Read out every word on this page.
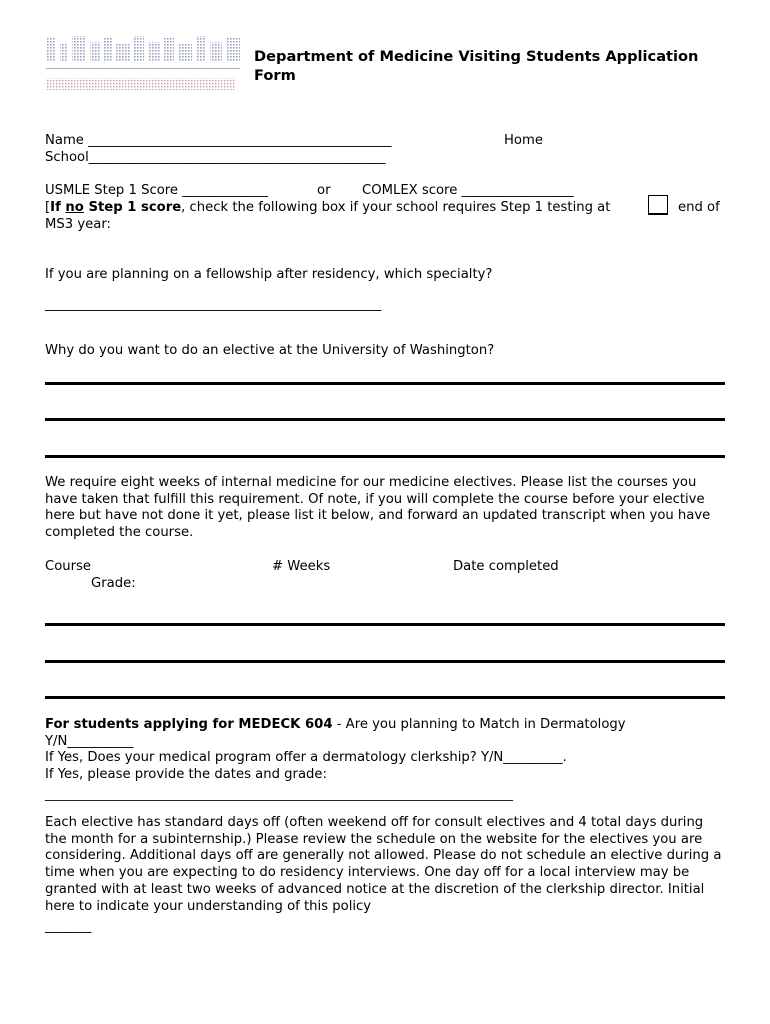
Department of Medicine Visiting Students Application Form
Name ______________________________________________	Home
School_____________________________________________
USMLE Step 1 Score _____________	or COMLEX score _________________
[If no Step 1 score, check the following box if your school requires Step 1 testing at	end of
MS3 year:
If you are planning on a fellowship after residency, which specialty?
___________________________________________________
Why do you want to do an elective at the University of Washington?
We require eight weeks of internal medicine for our medicine electives. Please list the courses you have taken that fulfill this requirement. Of note, if you will complete the course before your elective here but have not done it yet, please list it below, and forward an updated transcript when you have completed the course.
Course	# Weeks	Date completed
Grade:
For students applying for MEDECK 604 - Are you planning to Match in Dermatology
Y/N__________
If Yes, Does your medical program offer a dermatology clerkship? Y/N_________.
If Yes, please provide the dates and grade:
______________________________________________________________________________
Each elective has standard days off (often weekend off for consult electives and 4 total days during the month for a subinternship.) Please review the schedule on the website for the electives you are considering. Additional days off are generally not allowed. Please do not schedule an elective during a time when you are expecting to do residency interviews. One day off for a local interview may be granted with at least two weeks of advanced notice at the discretion of the clerkship director. Initial here to indicate your understanding of this policy
_______
